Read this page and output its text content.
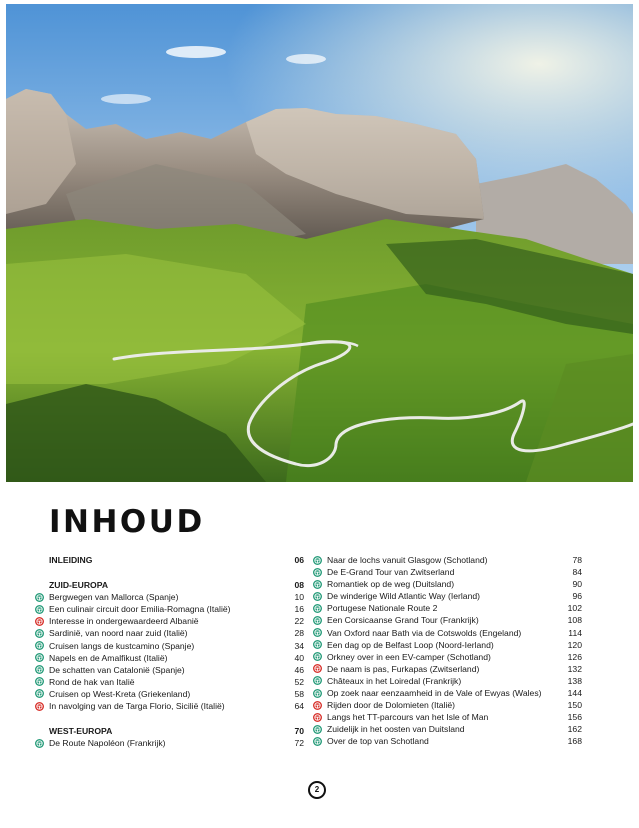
INHOUD
INLEIDING	06
ZUID-EUROPA	08
Bergwegen van Mallorca (Spanje)	10
Een culinair circuit door Emilia-Romagna (Italië)	16
Interesse in ondergewaardeerd Albanië	22
Sardinië, van noord naar zuid (Italië)	28
Cruisen langs de kustcamino (Spanje)	34
Napels en de Amalfikust (Italië)	40
De schatten van Catalonië (Spanje)	46
Rond de hak van Italië	52
Cruisen op West-Kreta (Griekenland)	58
In navolging van de Targa Florio, Sicilië (Italië)	64
WEST-EUROPA	70
De Route Napoléon (Frankrijk)	72
Naar de lochs vanuit Glasgow (Schotland)	78
De E-Grand Tour van Zwitserland	84
Romantiek op de weg (Duitsland)	90
De winderige Wild Atlantic Way (Ierland)	96
Portugese Nationale Route 2	102
Een Corsicaanse Grand Tour (Frankrijk)	108
Van Oxford naar Bath via de Cotswolds (Engeland)	114
Een dag op de Belfast Loop (Noord-Ierland)	120
Orkney over in een EV-camper (Schotland)	126
De naam is pas, Furkapas (Zwitserland)	132
Châteaux in het Loiredal (Frankrijk)	138
Op zoek naar eenzaamheid in de Vale of Ewyas (Wales)	144
Rijden door de Dolomieten (Italië)	150
Langs het TT-parcours van het Isle of Man	156
Zuidelijk in het oosten van Duitsland	162
Over de top van Schotland	168
2
